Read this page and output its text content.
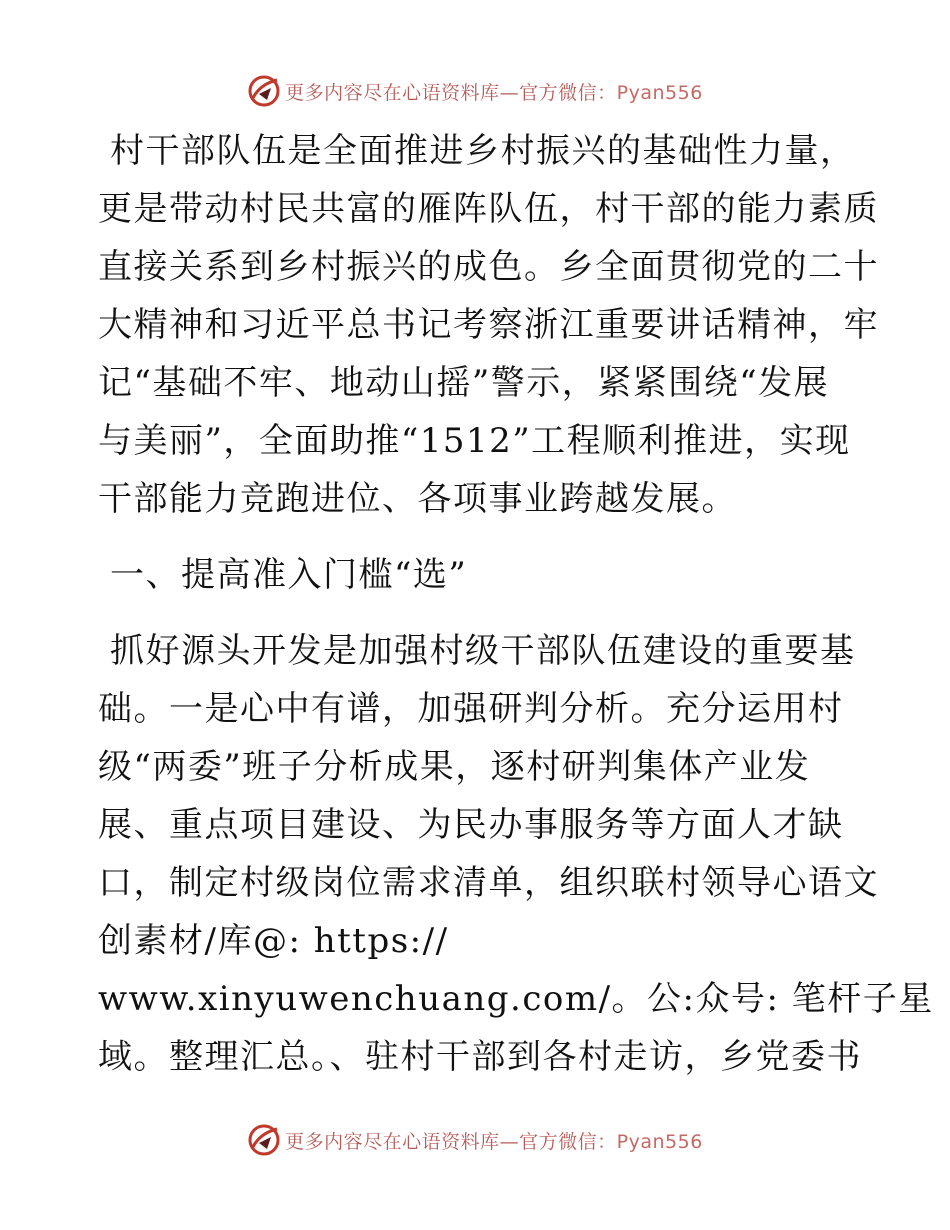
更多内容尽在心语资料库—官方微信：Pyan556

村干部队伍是全面推进乡村振兴的基础性力量，
更是带动村民共富的雁阵队伍，村干部的能力素质
直接关系到乡村振兴的成色。乡全面贯彻党的二十
大精神和习近平总书记考察浙江重要讲话精神，牢
记“基础不牢、地动山摇”警示，紧紧围绕“发展
与美丽”，全面助推“1512”工程顺利推进，实现
干部能力竞跑进位、各项事业跨越发展。

一、提高准入门槛“选”

抓好源头开发是加强村级干部队伍建设的重要基
础。一是心中有谱，加强研判分析。充分运用村
级“两委”班子分析成果，逐村研判集体产业发
展、重点项目建设、为民办事服务等方面人才缺
口，制定村级岗位需求清单，组织联村领导心语文
创素材/库@: https://
www.xinyuwenchuang.com/。公:众号: 笔杆子星
域。整理汇总。、驻村干部到各村走访，乡党委书

更多内容尽在心语资料库—官方微信：Pyan556
